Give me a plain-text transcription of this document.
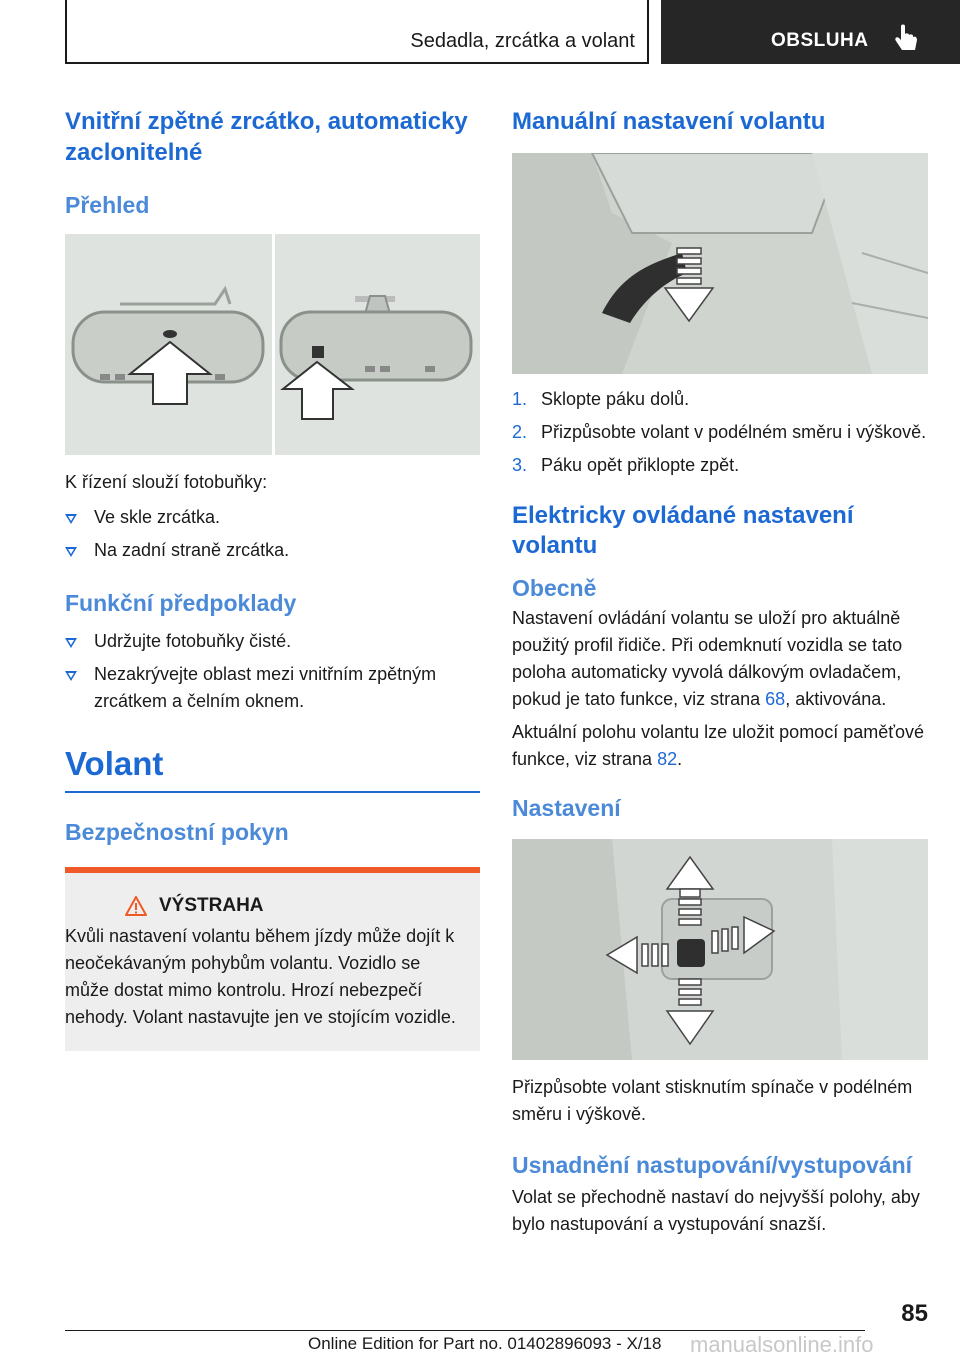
Sedadla, zrcátka a volant	OBSLUHA
Vnitřní zpětné zrcátko, automaticky zaclonitelné
Přehled

K řízení slouží fotobuňky:

Ve skle zrcátka.
Na zadní straně zrcátka.
Funkční předpoklady
Udržujte fotobuňky čisté.
Nezakrývejte oblast mezi vnitřním zpětným zrcátkem a čelním oknem.
Volant
Bezpečnostní pokyn
VÝSTRAHA

Kvůli nastavení volantu během jízdy může dojít k neočekávaným pohybům volantu. Vozidlo se může dostat mimo kontrolu. Hrozí nebezpečí nehody. Volant nastavujte jen ve stojícím vozidle.

Manuální nastavení volantu
1. Sklopte páku dolů.
2. Přizpůsobte volant v podélném směru i výškově.
3. Páku opět přiklopte zpět.
Elektricky ovládané nastavení volantu
Obecně

Nastavení ovládání volantu se uloží pro aktuálně použitý profil řidiče. Při odemknutí vozidla se tato poloha automaticky vyvolá dálkovým ovladačem, pokud je tato funkce, viz strana 68, aktivována.

Aktuální polohu volantu lze uložit pomocí paměťové funkce, viz strana 82.

Nastavení

Přizpůsobte volant stisknutím spínače v podélném směru i výškově.

Usnadnění nastupování/vystupování

Volat se přechodně nastaví do nejvyšší polohy, aby bylo nastupování a vystupování snazší.

85
Online Edition for Part no. 01402896093 - X/18 manualsonline.info
